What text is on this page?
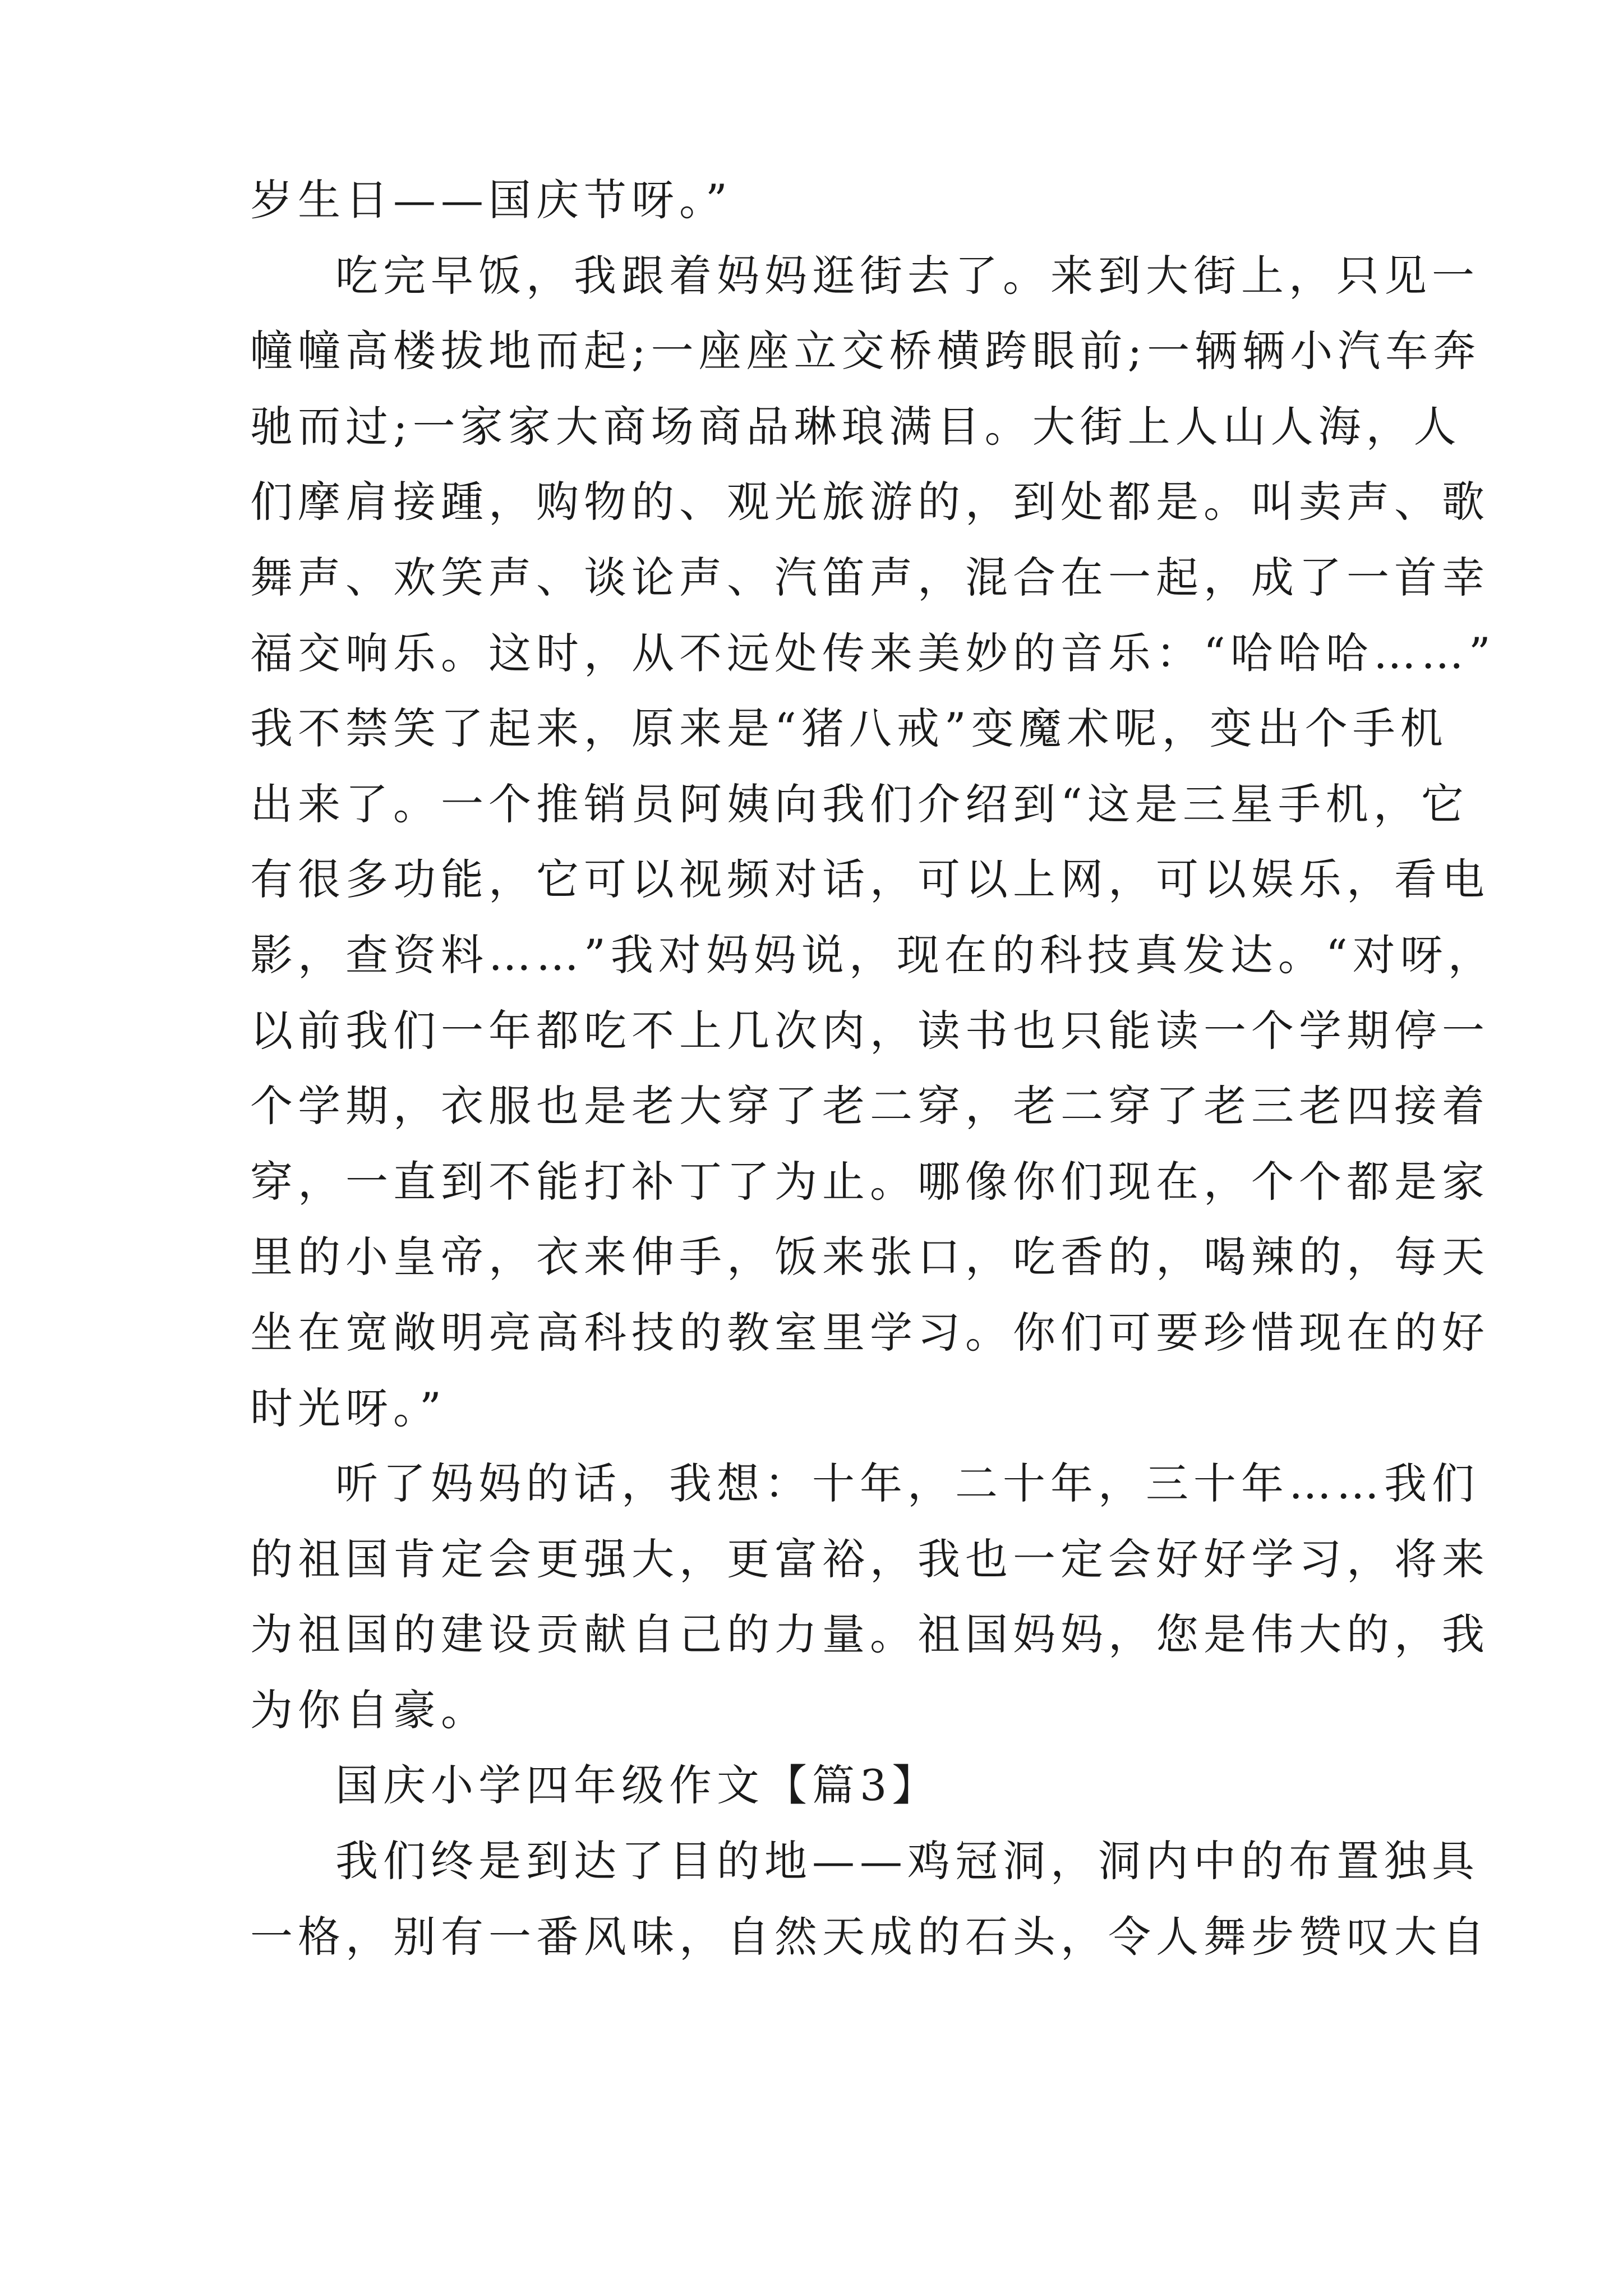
岁生日——国庆节呀。”
吃完早饭，我跟着妈妈逛街去了。来到大街上，只见一
幢幢高楼拔地而起;一座座立交桥横跨眼前;一辆辆小汽车奔
驰而过;一家家大商场商品琳琅满目。大街上人山人海，人
们摩肩接踵，购物的、观光旅游的，到处都是。叫卖声、歌
舞声、欢笑声、谈论声、汽笛声，混合在一起，成了一首幸
福交响乐。这时，从不远处传来美妙的音乐：“哈哈哈……”
我不禁笑了起来，原来是“猪八戒”变魔术呢，变出个手机
出来了。一个推销员阿姨向我们介绍到“这是三星手机，它
有很多功能，它可以视频对话，可以上网，可以娱乐，看电
影，查资料……”我对妈妈说，现在的科技真发达。“对呀，
以前我们一年都吃不上几次肉，读书也只能读一个学期停一
个学期，衣服也是老大穿了老二穿，老二穿了老三老四接着
穿，一直到不能打补丁了为止。哪像你们现在，个个都是家
里的小皇帝，衣来伸手，饭来张口，吃香的，喝辣的，每天
坐在宽敞明亮高科技的教室里学习。你们可要珍惜现在的好
时光呀。”
听了妈妈的话，我想：十年，二十年，三十年……我们
的祖国肯定会更强大，更富裕，我也一定会好好学习，将来
为祖国的建设贡献自己的力量。祖国妈妈，您是伟大的，我
为你自豪。
国庆小学四年级作文【篇3】
我们终是到达了目的地——鸡冠洞，洞内中的布置独具
一格，别有一番风味，自然天成的石头，令人舞步赞叹大自
